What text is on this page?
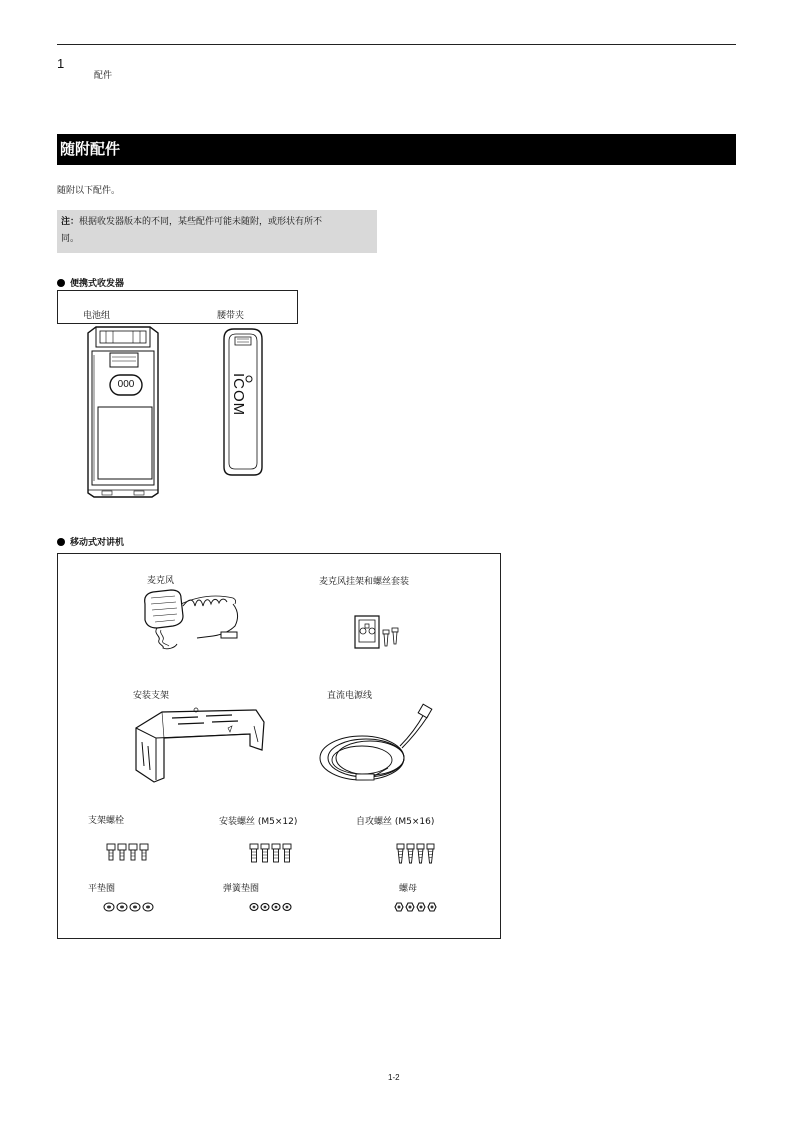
1
配件
随附配件
随附以下配件。
注：根据收发器版本的不同，某些配件可能未随附，或形状有所不
同。
便携式收发器
电池组	腰带夹
000	ICOM
移动式对讲机
麦克风	麦克风挂架和螺丝套装
安装支架	直流电源线
支架螺栓	安装螺丝 (M5×12)	自攻螺丝 (M5×16)
平垫圈	弹簧垫圈	螺母
1-2
